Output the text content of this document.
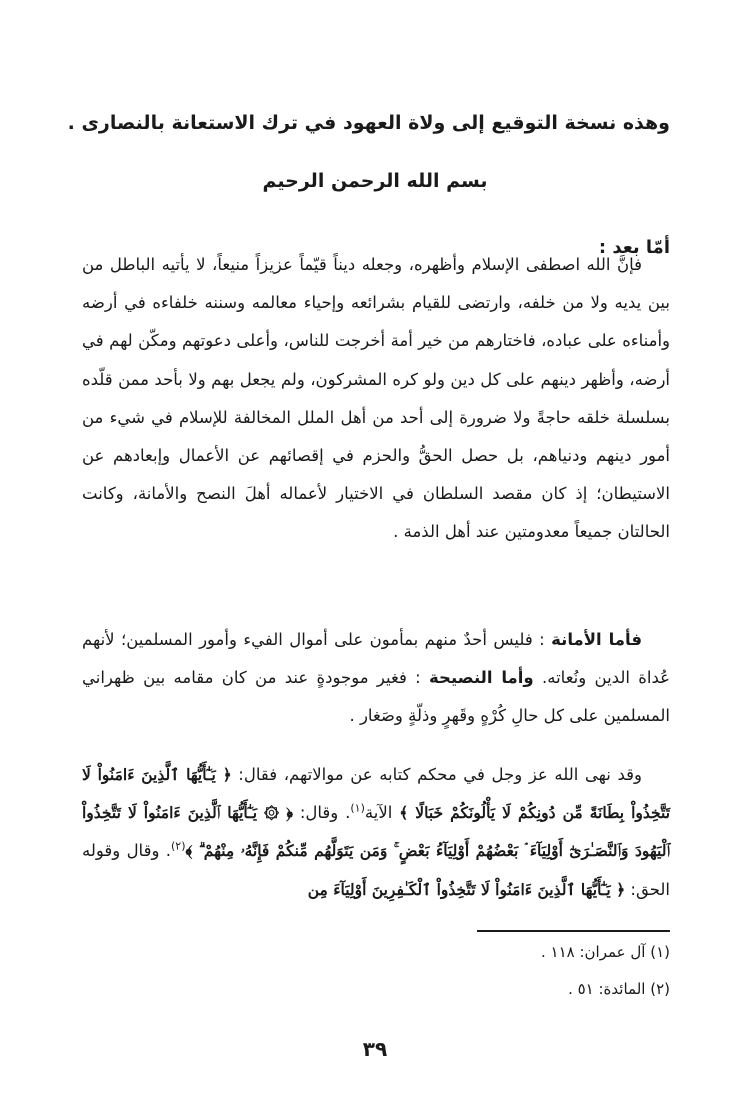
وهذه نسخة التوقيع إلى ولاة العهود في ترك الاستعانة بالنصارى .
بسم الله الرحمن الرحيم
أمّا بعد :

فإنَّ الله اصطفى الإسلام وأظهره، وجعله ديناً قيّماً عزيزاً منيعاً، لا يأتيه الباطل من بين يديه ولا من خلفه، وارتضى للقيام بشرائعه وإحياء معالمه وسننه خلفاءه في أرضه وأمناءه على عباده، فاختارهم من خير أمة أخرجت للناس، وأعلى دعوتهم ومكّن لهم في أرضه، وأظهر دينهم على كل دين ولو كره المشركون، ولم يجعل بهم ولا بأحد ممن قلّده بسلسلة خلقه حاجةً ولا ضرورة إلى أحد من أهل الملل المخالفة للإسلام في شيء من أمور دينهم ودنياهم، بل حصل الحقُّ والحزم في إقصائهم عن الأعمال وإبعادهم عن الاستيطان؛ إذ كان مقصد السلطان في الاختيار لأعماله أهلَ النصح والأمانة، وكانت الحالتان جميعاً معدومتين عند أهل الذمة .

فأما الأمانة : فليس أحدٌ منهم بمأمون على أموال الفيء وأمور المسلمين؛ لأنهم عُداة الدين ونُعاته. وأما النصيحة : فغير موجودةٍ عند من كان مقامه بين ظهراني المسلمين على كل حالِ كُرْهٍ وقَهرٍ وذلّةٍ وصَغار .

وقد نهى الله عز وجل في محكم كتابه عن موالاتهم، فقال: ﴿ يَـٰٓأَيُّهَا ٱلَّذِينَ ءَامَنُواْ لَا تَتَّخِذُواْ بِطَانَةً مِّن دُونِكُمْ لَا يَأْلُونَكُمْ خَبَالًا ﴾ الآية$^{(١)}$. وقال: ﴿ ۞ يَـٰٓأَيُّهَا ٱلَّذِينَ ءَامَنُواْ لَا تَتَّخِذُواْ ٱلْيَهُودَ وَٱلنَّصَـٰرَىٰٓ أَوْلِيَآءَ ۘ بَعْضُهُمْ أَوْلِيَآءُ بَعْضٍ ۚ وَمَن يَتَوَلَّهُم مِّنكُمْ فَإِنَّهُۥ مِنْهُمْ ۗ ﴾$^{(٢)}$. وقال وقوله الحق: ﴿ يَـٰٓأَيُّهَا ٱلَّذِينَ ءَامَنُواْ لَا تَتَّخِذُواْ ٱلْكَـٰفِرِينَ أَوْلِيَآءَ مِن

(١) آل عمران: ١١٨ .
(٢) المائدة: ٥١ .
٣٩
